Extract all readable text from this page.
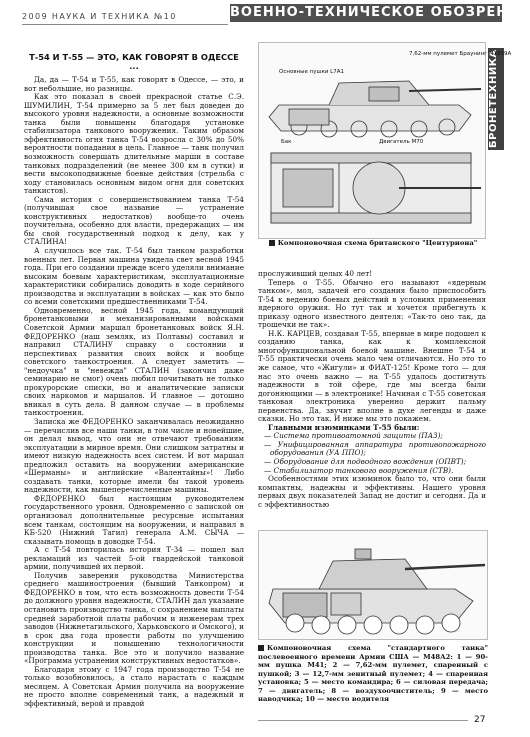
2009 НАУКА И ТЕХНИКА №10	ВОЕННО-ТЕХНИЧЕСКОЕ ОБОЗРЕНИЕ
БРОНЕТЕХНИКА
Т-54 И Т-55 — ЭТО, КАК ГОВОРЯТ В ОДЕССЕ ...

Да, да — Т-54 и Т-55, как говорят в Одессе, — это, и вот небольшие, но разницы.

Как это показал в своей прекрасной статье С.Э. ШУМИЛИН, Т-54 примерно за 5 лет был доведен до высокого уровня надежности, а основные возможности танка были повышены благодаря установке стабилизатора танкового вооружения. Таким образом эффективность огня танка Т-54 возросла с 30% до 50% вероятности попадания в цель. Главное — танк получил возможность совершать длительные марши в составе танковых подразделений (не менее 300 км в сутки) и вести высокоподвижные боевые действия (стрельба с ходу становилась основным видом огня для советских танкистов).

Сама история с совершенствованием танка Т-54 (получившая свое название — устранение конструктивных недостатков) вообще-то очень поучительна, особенно для власти, предержащих — им бы свой государственный подход к делу, как у СТАЛИНА!

А случилось все так. Т-54 был танком разработки военных лет. Первая машина увидела свет весной 1945 года. При его создании прежде всего уделяли внимание высоким боевым характеристикам, эксплуатационные характеристики собирались доводить в ходе серийного производства и эксплуатации в войсках — как это было со всеми советскими предшественниками Т-54.

Одновременно, весной 1945 года, командующий бронетанковыми и механизированными войсками Советской Армии маршал бронетанковых войск Я.Н. ФЕДОРЕНКО (наш земляк, из Полтавы) составил и направил СТАЛИНУ справку о состоянии и перспективах развития своих войск и вообще советского танкостроения. А следует заметить — "недоучка" и "невежда" СТАЛИН (закончил даже семинарию не смог) очень любил почитывать не только прокурорские списки, но и аналитические записки своих наркомов и маршалов. И главное — дотошно вникал в суть дела. В данном случае — в проблемы танкостроения.

Записка же ФЕДОРЕНКО заканчивалась неожиданно — перечислив все наши танки, в том числе и новейшие, он делал вывод, что они не отвечают требованиям эксплуатации в мирное время. Они слишком затратны и имеют низкую надежность всех систем. И вот маршал предложил оставить на вооружении американские «Шерманы» и английские «Валентайны»! Либо создавать танки, которые имели бы такой уровень надежности, как вышеперечисленные машины.

ФЕДОРЕНКО был настоящим руководителем государственного уровня. Одновременно с запиской он организовал дополнительные ресурсные испытания всем танкам, состоящим на вооружении, и направил в КБ-520 (Нижний Тагил) генерала А.М. СЫЧА — сказывать помощь в доводке Т-54.

А с Т-54 повторилась история Т-34 — пошел вал рекламаций из частей 5-ой гвардейской танковой армии, получившей их первой.

Получив заверения руководства Министерства среднего машиностроения (бывший Танкопром) и ФЕДОРЕНКО в том, что есть возможность довести Т-54 до должного уровня надежности, СТАЛИН дал указание остановить производство танка, с сохранением выплаты средней заработной платы рабочим и инженерам трех заводов (Нижнетагильского, Харьковского и Омского), и в срок два года провести работы по улучшению конструкции и повышению технологичности производства танка. Все это и получило название «Программа устранения конструктивных недостатков».

Благодаря этому с 1947 года производство Т-54 не только возобновилось, а стало нарастать с каждым месяцем. А Советская Армия получила на вооружение не просто вполне современный танк, а надежный и эффективный, верой и правдой

7,62-мм пулемет Браунинг М1919А
Основные пушки L7A1
Бак	Двигатель М70
Компоновочная схема британского "Центуриона"

прослуживший целых 40 лет!

Теперь о Т-55. Обычно его называют «ядерным танком», мол, задачей его создания было приспособить Т-54 к ведению боевых действий в условиях применения ядерного оружия. Но тут так и хочется прибегнуть к приказу одного известного деятеля: «Так-то оно так, да трошечки не так».

Н.К. КАРЦЕВ, создавая Т-55, впервые в мире подошел к созданию танка, как к комплексной многофункциональной боевой машине. Внешне Т-54 и Т-55 практически очень мало чем отличаются. Но это то же самое, что «Жигули» и ФИАТ-125! Кроме того — для нас это очень важно — на Т-55 удалось достигнуть надежности в той сфере, где мы всегда были догоняющими — в электронике! Начиная с Т-55 советская танковая электроника уверенно держит пальму первенства. Да, звучит вполне в духе легенды и даже сказки. Но это так. И ниже мы это покажем.

Главными изюминками Т-55 были:

— Система противоатомной защиты (ПАЗ);
— Унифицированная аппаратура противопожарного оборудования (УА ППО);
— Оборудование для подводного вождения (ОПВТ);
— Стабилизатор танкового вооружения (СТВ).

Особенностями этих изюминок было то, что они были компактны, надежны и эффективны. Нашего уровня первых двух показателей Запад не достиг и сегодня. Да и с эффективностью

Компоновочная схема "стандартного танка" послевоенного времени Армии США — М48А2: 1 — 90-мм пушка М41; 2 — 7,62-мм пулемет, спаренный с пушкой; 3 — 12,7-мм зенитный пулемет; 4 — спаренная установка; 5 — место командира; 6 — силовая передача; 7 — двигатель; 8 — воздухоочиститель; 9 — место наводчика; 10 — место водителя
27
